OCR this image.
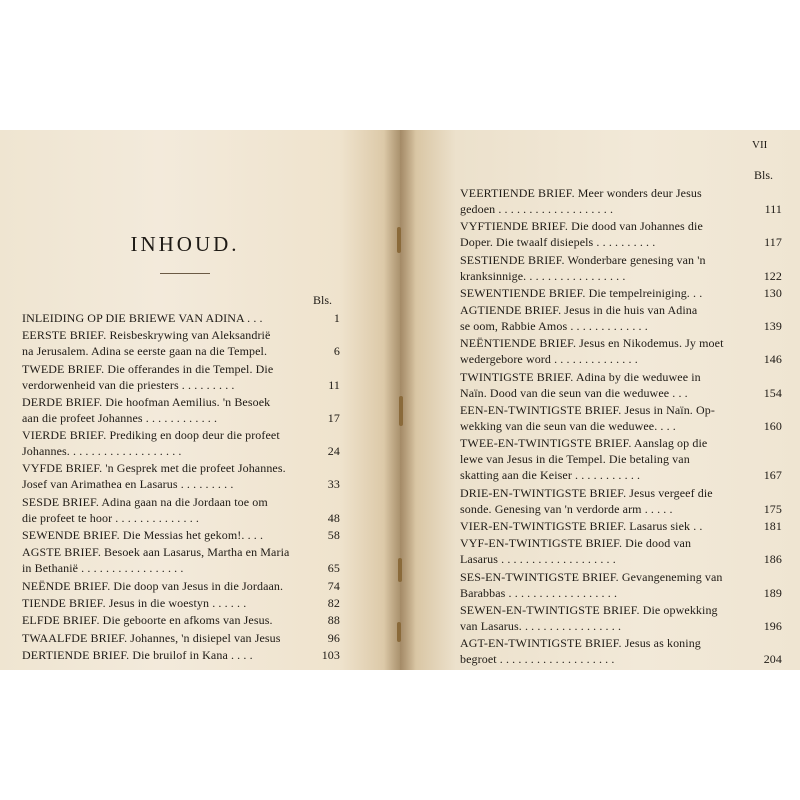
INHOUD.
Bls.
INLEIDING OP DIE BRIEWE VAN ADINA . . .	1
EERSTE BRIEF. Reisbeskrywing van Aleksandrië
na Jerusalem. Adina se eerste gaan na die Tempel.	6
TWEDE BRIEF. Die offerandes in die Tempel. Die
verdorwenheid van die priesters . . . . . . . . .	11
DERDE BRIEF. Die hoofman Aemilius. 'n Besoek
aan die profeet Johannes . . . . . . . . . . . .	17
VIERDE BRIEF. Prediking en doop deur die profeet
Johannes. . . . . . . . . . . . . . . . . . .	24
VYFDE BRIEF. 'n Gesprek met die profeet Johannes.
Josef van Arimathea en Lasarus . . . . . . . . .	33
SESDE BRIEF. Adina gaan na die Jordaan toe om
die profeet te hoor . . . . . . . . . . . . . .	48
SEWENDE BRIEF. Die Messias het gekom!. . . .	58
AGSTE BRIEF. Besoek aan Lasarus, Martha en Maria
in Bethanië . . . . . . . . . . . . . . . . .	65
NEËNDE BRIEF. Die doop van Jesus in die Jordaan.	74
TIENDE BRIEF. Jesus in die woestyn . . . . . .	82
ELFDE BRIEF. Die geboorte en afkoms van Jesus.	88
TWAALFDE BRIEF. Johannes, 'n disiepel van Jesus	96
DERTIENDE BRIEF. Die bruilof in Kana . . . .	103
VII
Bls.
VEERTIENDE BRIEF. Meer wonders deur Jesus
gedoen . . . . . . . . . . . . . . . . . . .	111
VYFTIENDE BRIEF. Die dood van Johannes die
Doper. Die twaalf disiepels . . . . . . . . . .	117
SESTIENDE BRIEF. Wonderbare genesing van 'n
kranksinnige. . . . . . . . . . . . . . . . .	122
SEWENTIENDE BRIEF. Die tempelreiniging. . .	130
AGTIENDE BRIEF. Jesus in die huis van Adina
se oom, Rabbie Amos . . . . . . . . . . . . .	139
NEËNTIENDE BRIEF. Jesus en Nikodemus. Jy moet
wedergebore word . . . . . . . . . . . . . .	146
TWINTIGSTE BRIEF. Adina by die weduwee in
Naïn. Dood van die seun van die weduwee . . .	154
EEN-EN-TWINTIGSTE BRIEF. Jesus in Naïn. Op-
wekking van die seun van die weduwee. . . .	160
TWEE-EN-TWINTIGSTE BRIEF. Aanslag op die
lewe van Jesus in die Tempel. Die betaling van
skatting aan die Keiser . . . . . . . . . . .	167
DRIE-EN-TWINTIGSTE BRIEF. Jesus vergeef die
sonde. Genesing van 'n verdorde arm . . . . .	175
VIER-EN-TWINTIGSTE BRIEF. Lasarus siek . .	181
VYF-EN-TWINTIGSTE BRIEF. Die dood van
Lasarus . . . . . . . . . . . . . . . . . . .	186
SES-EN-TWINTIGSTE BRIEF. Gevangeneming van
Barabbas . . . . . . . . . . . . . . . . . .	189
SEWEN-EN-TWINTIGSTE BRIEF. Die opwekking
van Lasarus. . . . . . . . . . . . . . . . .	196
AGT-EN-TWINTIGSTE BRIEF. Jesus as koning
begroet . . . . . . . . . . . . . . . . . . .	204
